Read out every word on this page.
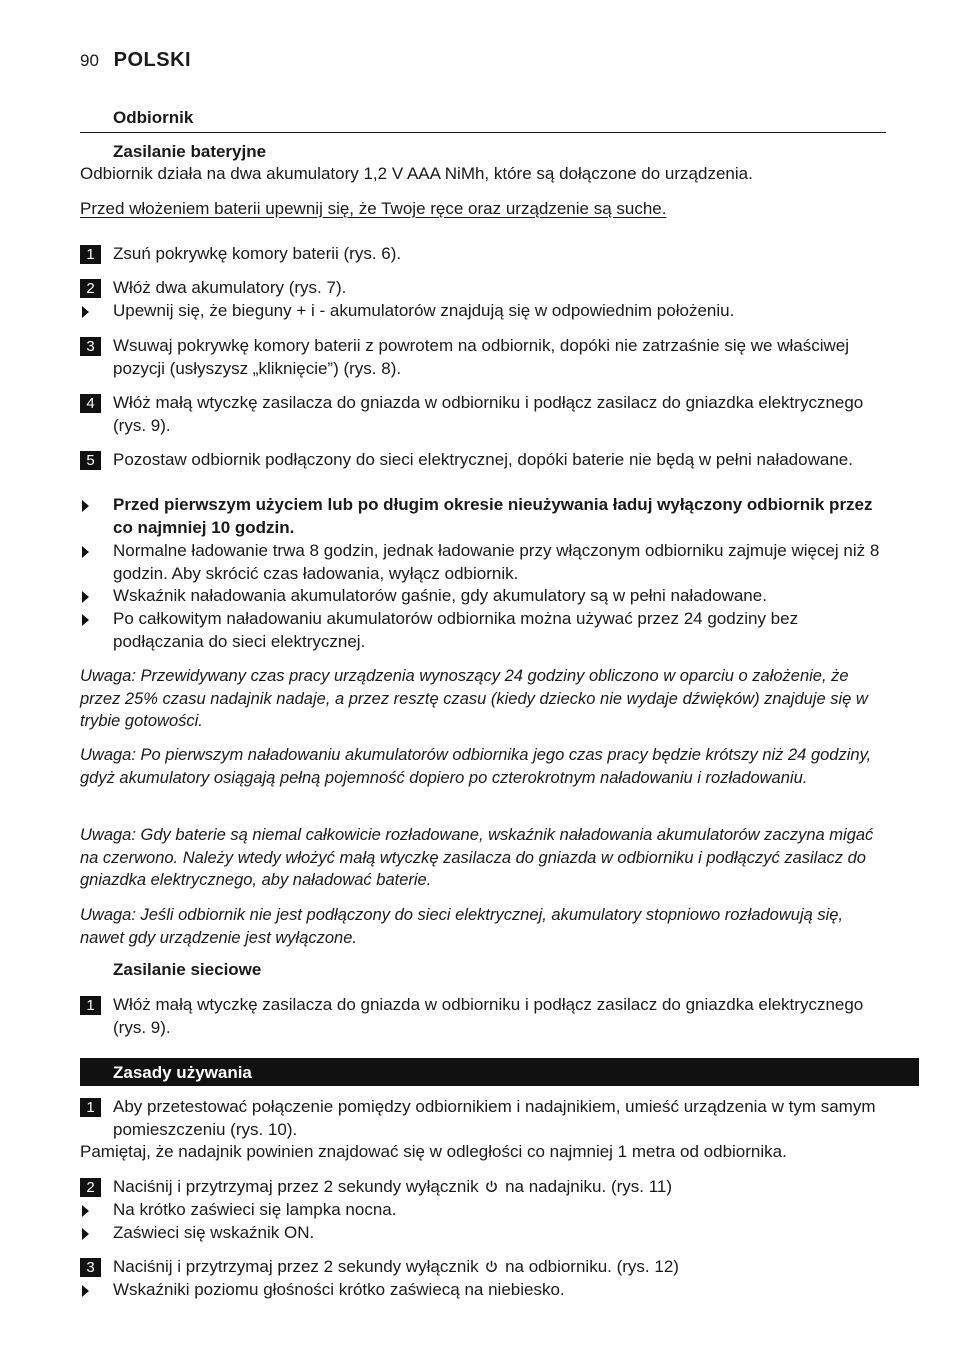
90 POLSKI
Odbiornik
Zasilanie bateryjne
Odbiornik działa na dwa akumulatory 1,2 V AAA NiMh, które są dołączone do urządzenia.
Przed włożeniem baterii upewnij się, że Twoje ręce oraz urządzenie są suche.
1	Zsuń pokrywkę komory baterii (rys. 6).
2	Włóż dwa akumulatory (rys. 7).
Upewnij się, że bieguny + i - akumulatorów znajdują się w odpowiednim położeniu.
3	Wsuwaj pokrywkę komory baterii z powrotem na odbiornik, dopóki nie zatrzaśnie się we właściwej pozycji (usłyszysz „kliknięcie”) (rys. 8).
4	Włóż małą wtyczkę zasilacza do gniazda w odbiorniku i podłącz zasilacz do gniazdka elektrycznego (rys. 9).
5	Pozostaw odbiornik podłączony do sieci elektrycznej, dopóki baterie nie będą w pełni naładowane.
Przed pierwszym użyciem lub po długim okresie nieużywania ładuj wyłączony odbiornik przez co najmniej 10 godzin.
Normalne ładowanie trwa 8 godzin, jednak ładowanie przy włączonym odbiorniku zajmuje więcej niż 8 godzin. Aby skrócić czas ładowania, wyłącz odbiornik.
Wskaźnik naładowania akumulatorów gaśnie, gdy akumulatory są w pełni naładowane.
Po całkowitym naładowaniu akumulatorów odbiornika można używać przez 24 godziny bez podłączania do sieci elektrycznej.
Uwaga: Przewidywany czas pracy urządzenia wynoszący 24 godziny obliczono w oparciu o założenie, że przez 25% czasu nadajnik nadaje, a przez resztę czasu (kiedy dziecko nie wydaje dźwięków) znajduje się w trybie gotowości.
Uwaga: Po pierwszym naładowaniu akumulatorów odbiornika jego czas pracy będzie krótszy niż 24 godziny, gdyż akumulatory osiągają pełną pojemność dopiero po czterokrotnym naładowaniu i rozładowaniu.
Uwaga: Gdy baterie są niemal całkowicie rozładowane, wskaźnik naładowania akumulatorów zaczyna migać na czerwono. Należy wtedy włożyć małą wtyczkę zasilacza do gniazda w odbiorniku i podłączyć zasilacz do gniazdka elektrycznego, aby naładować baterie.
Uwaga: Jeśli odbiornik nie jest podłączony do sieci elektrycznej, akumulatory stopniowo rozładowują się, nawet gdy urządzenie jest wyłączone.
Zasilanie sieciowe
1	Włóż małą wtyczkę zasilacza do gniazda w odbiorniku i podłącz zasilacz do gniazdka elektrycznego (rys. 9).
Zasady używania
1	Aby przetestować połączenie pomiędzy odbiornikiem i nadajnikiem, umieść urządzenia w tym samym pomieszczeniu (rys. 10).
Pamiętaj, że nadajnik powinien znajdować się w odległości co najmniej 1 metra od odbiornika.
2	Naciśnij i przytrzymaj przez 2 sekundy wyłącznik na nadajniku. (rys. 11)
Na krótko zaświeci się lampka nocna.
Zaświeci się wskaźnik ON.
3	Naciśnij i przytrzymaj przez 2 sekundy wyłącznik na odbiorniku. (rys. 12)
Wskaźniki poziomu głośności krótko zaświecą na niebiesko.
